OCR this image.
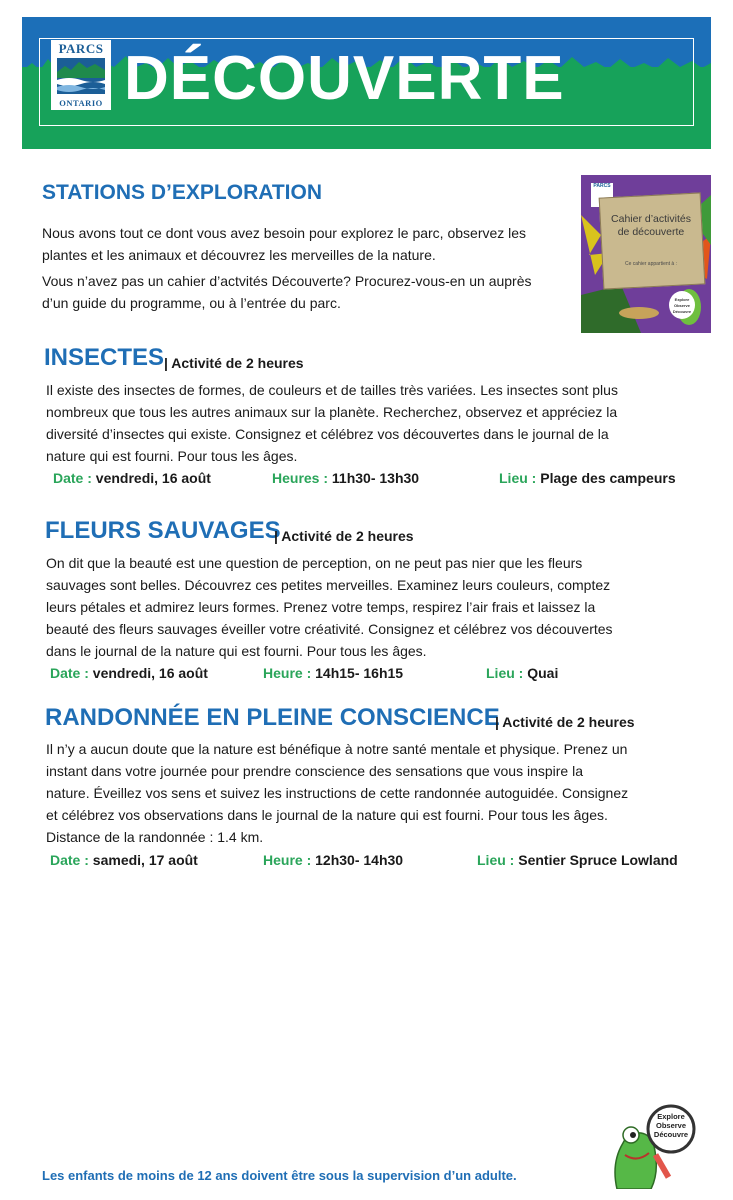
PARCS
ONTARIO DÉCOUVERTE
STATIONS D’EXPLORATION
Nous avons tout ce dont vous avez besoin pour explorez le parc, observez les
plantes et les animaux et découvrez les merveilles de la nature.
Vous n’avez pas un cahier d’actvités Découverte? Procurez-vous-en un auprès
d’un guide du programme, ou à l’entrée du parc.
PARCS
Cahier d’activités de découverte
Ce cahier appartient à :
Explore Observe Découvre
INSECTES | Activité de 2 heures
Il existe des insectes de formes, de couleurs et de tailles très variées. Les insectes sont plus
nombreux que tous les autres animaux sur la planète. Recherchez, observez et appréciez la
diversité d’insectes qui existe. Consignez et célébrez vos découvertes dans le journal de la
nature qui est fourni. Pour tous les âges.
Date : vendredi, 16 août	Heures : 11h30- 13h30	Lieu : Plage des campeurs
FLEURS SAUVAGES
| Activité de 2 heures
On dit que la beauté est une question de perception, on ne peut pas nier que les fleurs
sauvages sont belles. Découvrez ces petites merveilles. Examinez leurs couleurs, comptez
leurs pétales et admirez leurs formes. Prenez votre temps, respirez l’air frais et laissez la
beauté des fleurs sauvages éveiller votre créativité. Consignez et célébrez vos découvertes
dans le journal de la nature qui est fourni. Pour tous les âges.
Date : vendredi, 16 août	Heure : 14h15- 16h15	Lieu : Quai
RANDONNÉE EN PLEINE CONSCIENCE
| Activité de 2 heures
Il n’y a aucun doute que la nature est bénéfique à notre santé mentale et physique. Prenez un
instant dans votre journée pour prendre conscience des sensations que vous inspire la
nature. Éveillez vos sens et suivez les instructions de cette randonnée autoguidée. Consignez
et célébrez vos observations dans le journal de la nature qui est fourni. Pour tous les âges.
Distance de la randonnée : 1.4 km.
Date : samedi, 17 août	Heure : 12h30- 14h30	Lieu : Sentier Spruce Lowland
Les enfants de moins de 12 ans doivent être sous la supervision d’un adulte.
Explore
Observe
Découvre
